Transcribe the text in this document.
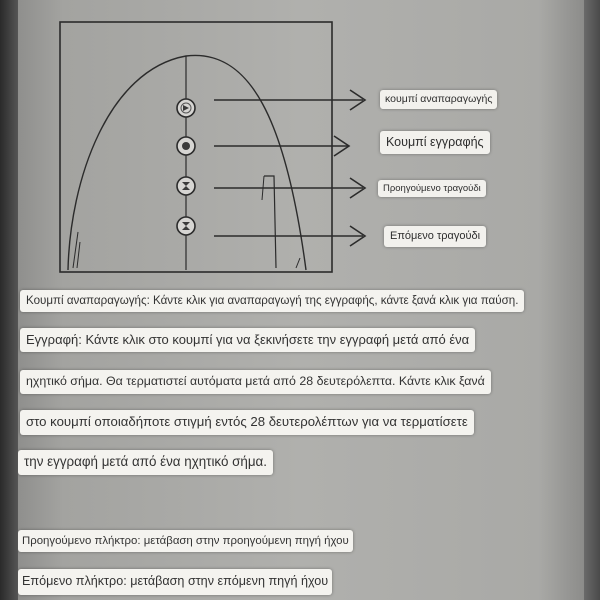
κουμπί αναπαραγωγής
Κουμπί εγγραφής
Προηγούμενο τραγούδι
Επόμενο τραγούδι
Κουμπί αναπαραγωγής: Κάντε κλικ για αναπαραγωγή της εγγραφής, κάντε ξανά κλικ για παύση.
Εγγραφή: Κάντε κλικ στο κουμπί για να ξεκινήσετε την εγγραφή μετά από ένα
ηχητικό σήμα. Θα τερματιστεί αυτόματα μετά από 28 δευτερόλεπτα. Κάντε κλικ ξανά
στο κουμπί οποιαδήποτε στιγμή εντός 28 δευτερολέπτων για να τερματίσετε
την εγγραφή μετά από ένα ηχητικό σήμα.
Προηγούμενο πλήκτρο: μετάβαση στην προηγούμενη πηγή ήχου
Επόμενο πλήκτρο: μετάβαση στην επόμενη πηγή ήχου
